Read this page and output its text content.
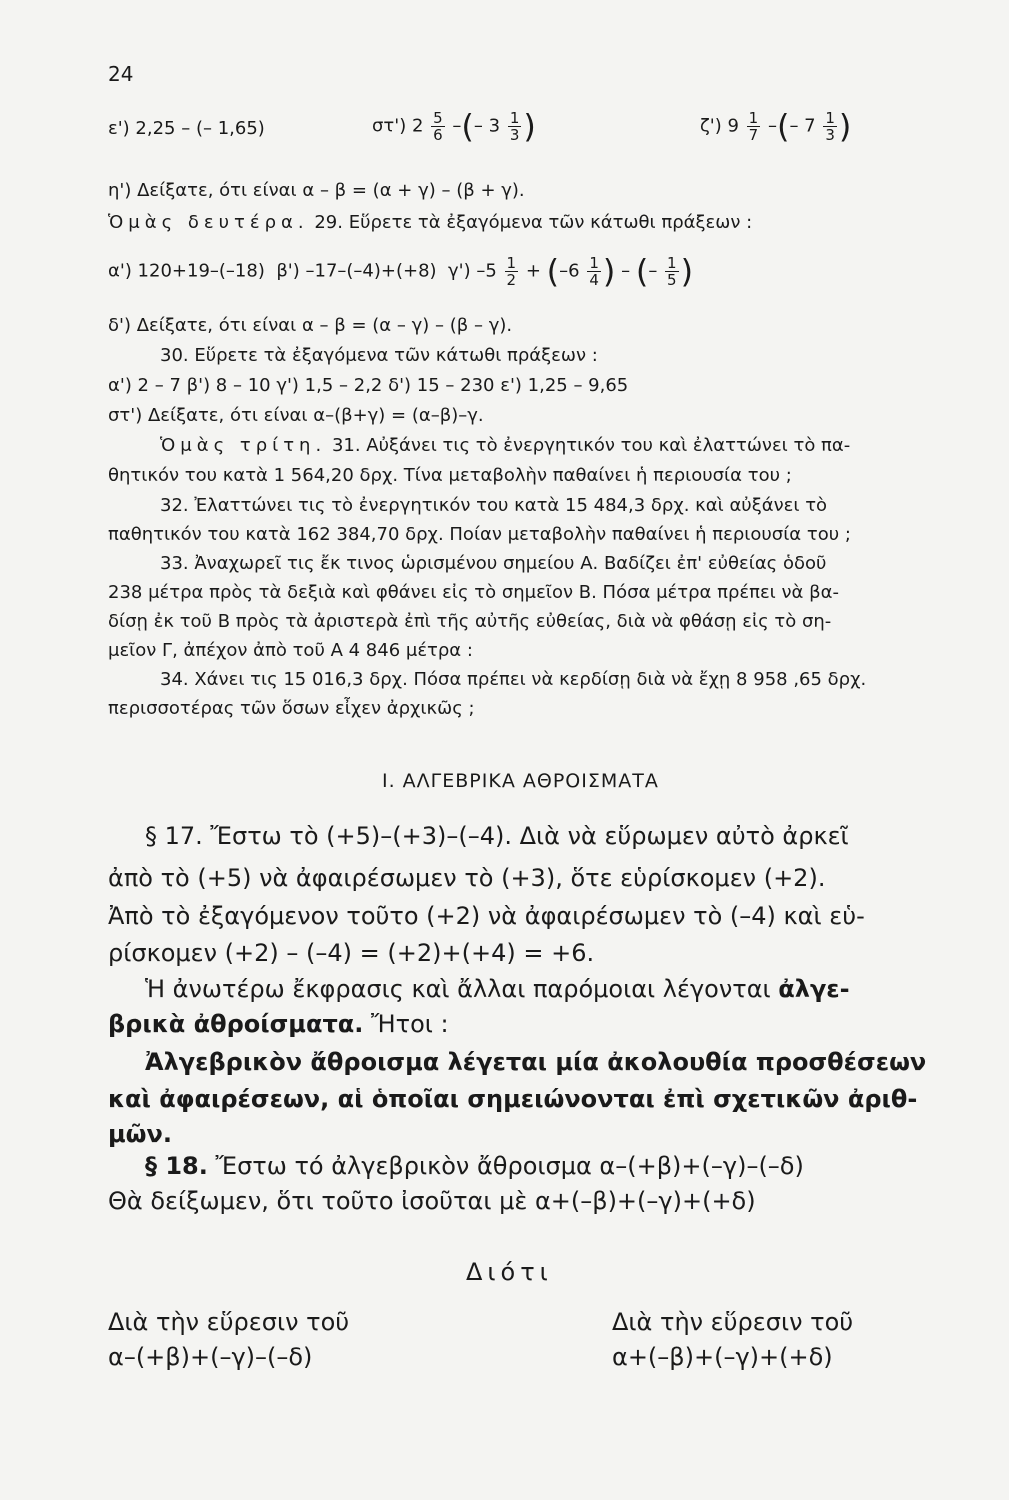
24
ε') 2,25 – (– 1,65)	στ') $2 \frac{5}{6}$ –(– $3 \frac{1}{3}$ )	ζ') $9 \frac{1}{7}$ –(– $7 \frac{1}{3}$ )
η') Δείξατε, ότι είναι α – β = (α + γ) – (β + γ).
Ὁμὰς δευτέρα. 29. Εὕρετε τὰ ἐξαγόμενα τῶν κάτωθι πράξεων :
α') 120+19–(–18) β') –17–(–4)+(+8) γ') $-5 \frac{1}{2} + (-6 \frac{1}{4}$ ) – (– $\frac{1}{5}$ )
δ') Δείξατε, ότι είναι α – β = (α – γ) – (β – γ).
30. Εὕρετε τὰ ἐξαγόμενα τῶν κάτωθι πράξεων :
α') 2 – 7 β') 8 – 10 γ') 1,5 – 2,2 δ') 15 – 230 ε') 1,25 – 9,65
στ') Δείξατε, ότι είναι α–(β+γ) = (α–β)–γ.
Ὁμὰς τρίτη. 31. Αὐξάνει τις τὸ ἐνεργητικόν του καὶ ἐλαττώνει τὸ πα-
θητικόν του κατὰ 1 564,20 δρχ. Τίνα μεταβολὴν παθαίνει ἡ περιουσία του ;
32. Ἐλαττώνει τις τὸ ἐνεργητικόν του κατὰ 15 484,3 δρχ. καὶ αὐξάνει τὸ
παθητικόν του κατὰ 162 384,70 δρχ. Ποίαν μεταβολὴν παθαίνει ἡ περιουσία του ;
33. Ἀναχωρεῖ τις ἔκ τινος ὡρισμένου σημείου Α. Βαδίζει ἐπ' εὐθείας ὁδοῦ
238 μέτρα πρὸς τὰ δεξιὰ καὶ φθάνει εἰς τὸ σημεῖον Β. Πόσα μέτρα πρέπει νὰ βα-
δίσῃ ἐκ τοῦ Β πρὸς τὰ ἀριστερὰ ἐπὶ τῆς αὐτῆς εὐθείας, διὰ νὰ φθάσῃ εἰς τὸ ση-
μεῖον Γ, ἀπέχον ἀπὸ τοῦ Α 4 846 μέτρα :
34. Χάνει τις 15 016,3 δρχ. Πόσα πρέπει νὰ κερδίσῃ διὰ νὰ ἔχῃ 8 958 ,65 δρχ.
περισσοτέρας τῶν ὅσων εἶχεν ἀρχικῶς ;
I. ΑΛΓΕΒΡΙΚΑ ΑΘΡΟΙΣΜΑΤΑ
§ 17. Ἔστω τὸ (+5)–(+3)–(–4). Διὰ νὰ εὕρωμεν αὐτὸ ἀρκεῖ
ἀπὸ τὸ (+5) νὰ ἀφαιρέσωμεν τὸ (+3), ὅτε εὑρίσκομεν (+2).
Ἀπὸ τὸ ἐξαγόμενον τοῦτο (+2) νὰ ἀφαιρέσωμεν τὸ (–4) καὶ εὑ-
ρίσκομεν (+2) – (–4) = (+2)+(+4) = +6.
Ἡ ἀνωτέρω ἔκφρασις καὶ ἄλλαι παρόμοιαι λέγονται ἀλγε-
βρικὰ ἀθροίσματα. Ἤτοι :
Ἀλγεβρικὸν ἄθροισμα λέγεται μία ἀκολουθία προσθέσεων
καὶ ἀφαιρέσεων, αἱ ὁποῖαι σημειώνονται ἐπὶ σχετικῶν ἀριθ-
μῶν.
§ 18. Ἔστω τό ἀλγεβρικὸν ἄθροισμα α–(+β)+(–γ)–(–δ)
Θὰ δείξωμεν, ὅτι τοῦτο ἰσοῦται μὲ α+(–β)+(–γ)+(+δ)
Διότι
Διὰ τὴν εὕρεσιν τοῦ
α–(+β)+(–γ)–(–δ)
Διὰ τὴν εὕρεσιν τοῦ
α+(–β)+(–γ)+(+δ)
